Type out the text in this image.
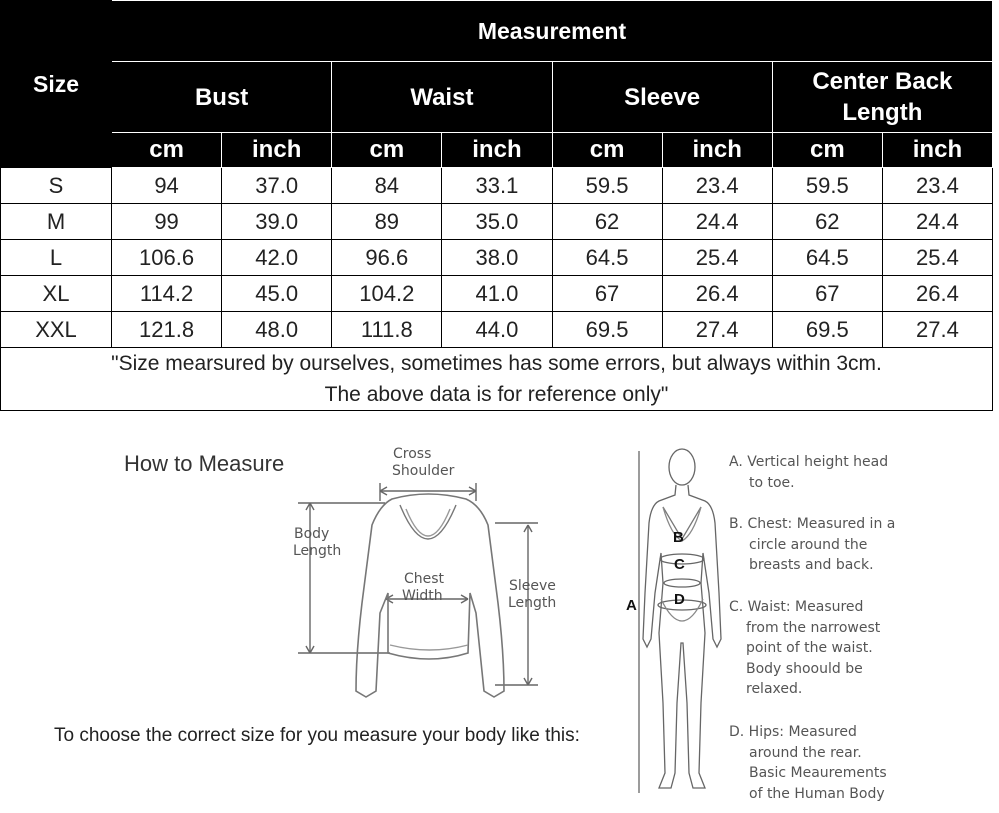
Size	Measurement							
	Bust		Waist		Sleeve		Center Back Length	
	cm	inch	cm	inch	cm	inch	cm	inch
S	94	37.0	84	33.1	59.5	23.4	59.5	23.4
M	99	39.0	89	35.0	62	24.4	62	24.4
L	106.6	42.0	96.6	38.0	64.5	25.4	64.5	25.4
XL	114.2	45.0	104.2	41.0	67	26.4	67	26.4
XXL	121.8	48.0	111.8	44.0	69.5	27.4	69.5	27.4

"Size mearsured by ourselves, sometimes has some errors, but always within 3cm.
The above data is for reference only"								
How to Measure	Cross
Shoulder
Body
Length
Chest
Width
Sleeve
Length
To choose the correct size for you measure your body like this:
B
C
D
A
A. Vertical height head
to toe.
B. Chest: Measured in a
circle around the
breasts and back.
C. Waist: Measured
from the narrowest
point of the waist.
Body shoould be
relaxed.
D. Hips: Measured
around the rear.
Basic Meaurements
of the Human Body
